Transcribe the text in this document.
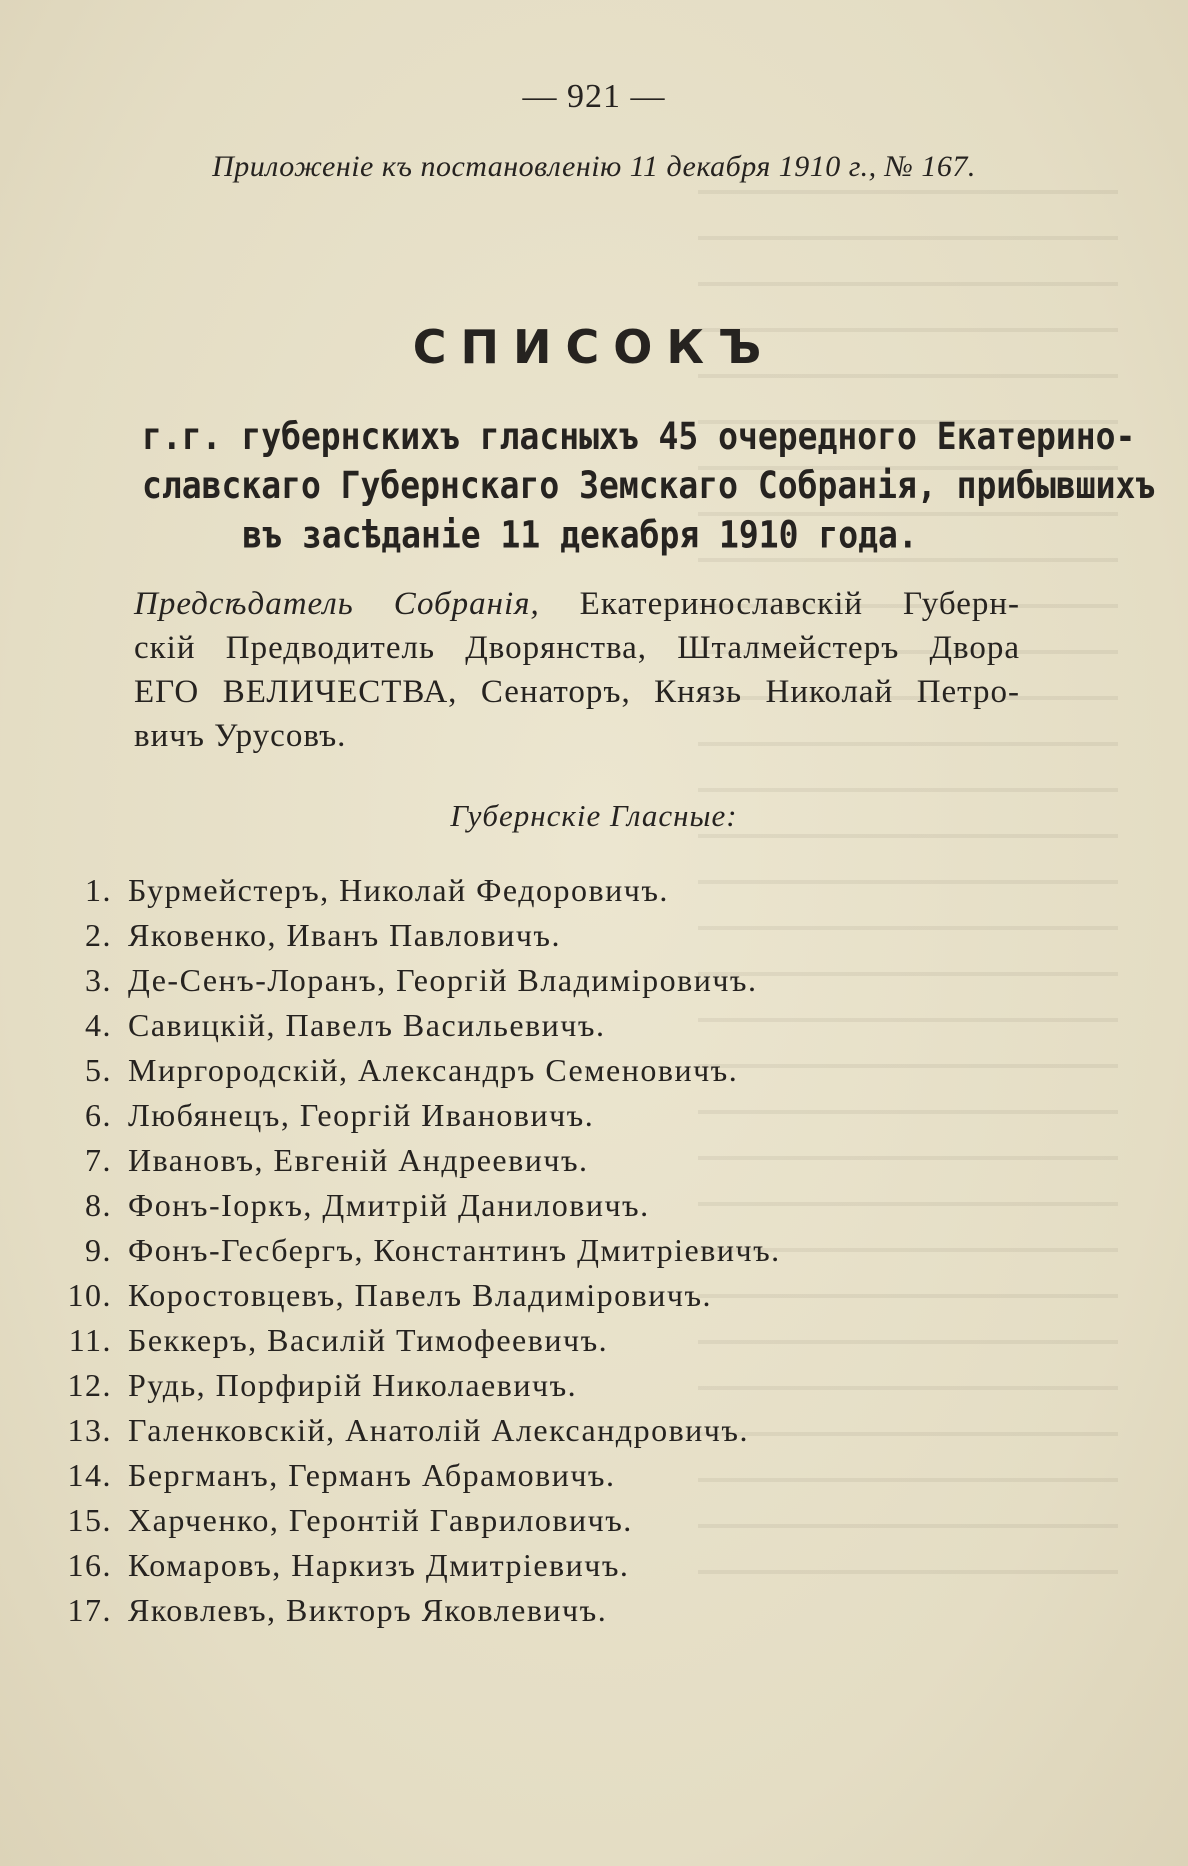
— 921 —
Приложеніе къ постановленію 11 декабря 1910 г., № 167.
СПИСОКЪ
г.г. губернскихъ гласныхъ 45 очередного Екатерино-
славскаго Губернскаго Земскаго Собранія, прибывшихъ
въ засѣданіе 11 декабря 1910 года.
Предсѣдатель Собранія, Екатеринославскій Губерн-
скій Предводитель Дворянства, Шталмейстеръ Двора
ЕГО ВЕЛИЧЕСТВА, Сенаторъ, Князь Николай Петро-
вичъ Урусовъ.
Губернскіе Гласные:
1. Бурмейстеръ, Николай Федоровичъ.
2. Яковенко, Иванъ Павловичъ.
3. Де-Сенъ-Лоранъ, Георгій Владиміровичъ.
4. Савицкій, Павелъ Васильевичъ.
5. Миргородскій, Александръ Семеновичъ.
6. Любянецъ, Георгій Ивановичъ.
7. Ивановъ, Евгеній Андреевичъ.
8. Фонъ-Іоркъ, Дмитрій Даниловичъ.
9. Фонъ-Гесбергъ, Константинъ Дмитріевичъ.
10. Коростовцевъ, Павелъ Владиміровичъ.
11. Беккеръ, Василій Тимофеевичъ.
12. Рудь, Порфирій Николаевичъ.
13. Галенковскій, Анатолій Александровичъ.
14. Бергманъ, Германъ Абрамовичъ.
15. Харченко, Геронтій Гавриловичъ.
16. Комаровъ, Наркизъ Дмитріевичъ.
17. Яковлевъ, Викторъ Яковлевичъ.
